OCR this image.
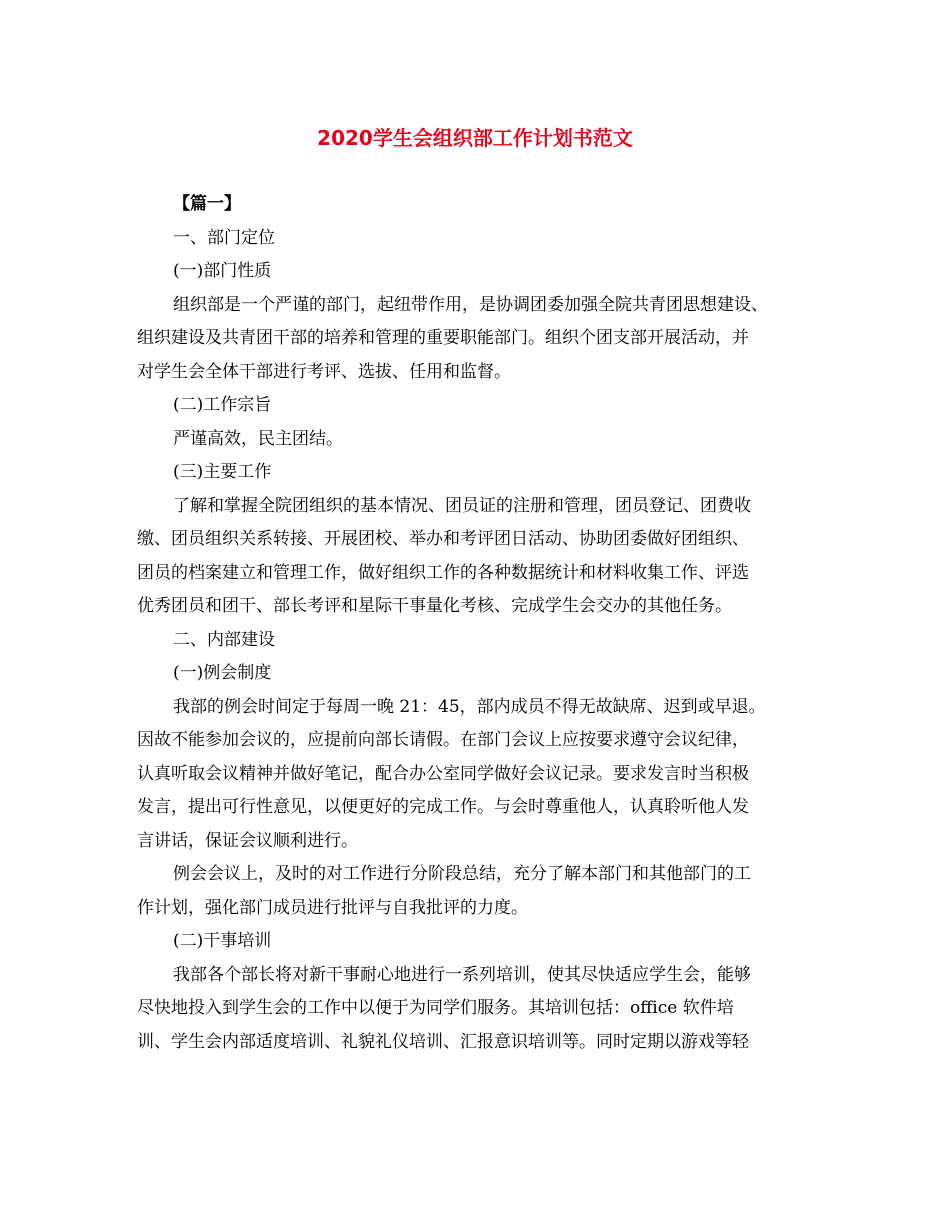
2020学生会组织部工作计划书范文
【篇一】
一、部门定位
(一)部门性质
组织部是一个严谨的部门，起纽带作用，是协调团委加强全院共青团思想建设、
组织建设及共青团干部的培养和管理的重要职能部门。组织个团支部开展活动，并
对学生会全体干部进行考评、选拔、任用和监督。
(二)工作宗旨
严谨高效，民主团结。
(三)主要工作
了解和掌握全院团组织的基本情况、团员证的注册和管理，团员登记、团费收
缴、团员组织关系转接、开展团校、举办和考评团日活动、协助团委做好团组织、
团员的档案建立和管理工作，做好组织工作的各种数据统计和材料收集工作、评选
优秀团员和团干、部长考评和星际干事量化考核、完成学生会交办的其他任务。
二、内部建设
(一)例会制度
我部的例会时间定于每周一晚 21：45，部内成员不得无故缺席、迟到或早退。
因故不能参加会议的，应提前向部长请假。在部门会议上应按要求遵守会议纪律，
认真听取会议精神并做好笔记，配合办公室同学做好会议记录。要求发言时当积极
发言，提出可行性意见，以便更好的完成工作。与会时尊重他人，认真聆听他人发
言讲话，保证会议顺利进行。
例会会议上，及时的对工作进行分阶段总结，充分了解本部门和其他部门的工
作计划，强化部门成员进行批评与自我批评的力度。
(二)干事培训
我部各个部长将对新干事耐心地进行一系列培训，使其尽快适应学生会，能够
尽快地投入到学生会的工作中以便于为同学们服务。其培训包括：office 软件培
训、学生会内部适度培训、礼貌礼仪培训、汇报意识培训等。同时定期以游戏等轻
